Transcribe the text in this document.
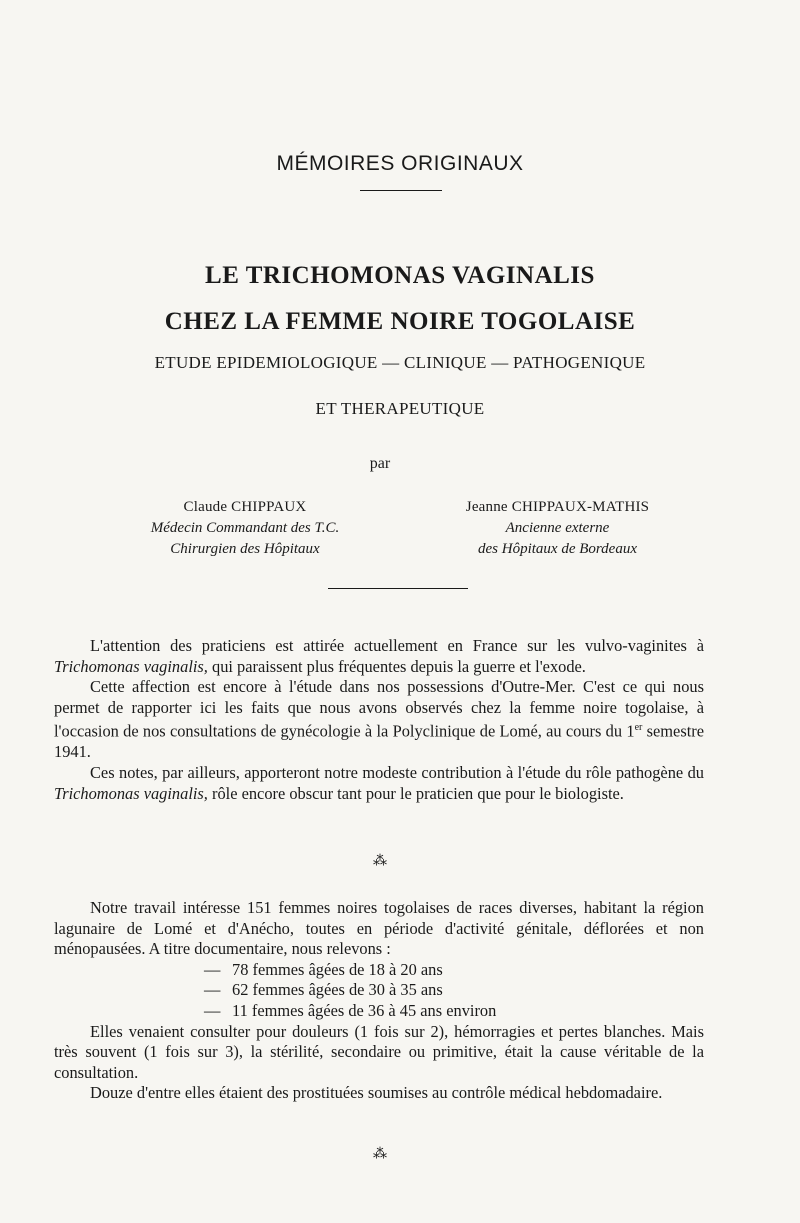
MÉMOIRES ORIGINAUX
LE TRICHOMONAS VAGINALIS
CHEZ LA FEMME NOIRE TOGOLAISE
ETUDE EPIDEMIOLOGIQUE — CLINIQUE — PATHOGENIQUE
ET THERAPEUTIQUE
par
Claude CHIPPAUX
Médecin Commandant des T.C.
Chirurgien des Hôpitaux
Jeanne CHIPPAUX-MATHIS
Ancienne externe
des Hôpitaux de Bordeaux

L'attention des praticiens est attirée actuellement en France sur les vulvo-vaginites à Trichomonas vaginalis, qui paraissent plus fréquentes depuis la guerre et l'exode.

Cette affection est encore à l'étude dans nos possessions d'Outre-Mer. C'est ce qui nous permet de rapporter ici les faits que nous avons observés chez la femme noire togolaise, à l'occasion de nos consultations de gynécologie à la Polyclinique de Lomé, au cours du 1er semestre 1941.

Ces notes, par ailleurs, apporteront notre modeste contribution à l'étude du rôle pathogène du Trichomonas vaginalis, rôle encore obscur tant pour le praticien que pour le biologiste.

⁂

Notre travail intéresse 151 femmes noires togolaises de races diverses, habitant la région lagunaire de Lomé et d'Anécho, toutes en période d'activité génitale, déflorées et non ménopausées. A titre documentaire, nous relevons :

— 78 femmes âgées de 18 à 20 ans
— 62 femmes âgées de 30 à 35 ans
— 11 femmes âgées de 36 à 45 ans environ

Elles venaient consulter pour douleurs (1 fois sur 2), hémorragies et pertes blanches. Mais très souvent (1 fois sur 3), la stérilité, secondaire ou primitive, était la cause véritable de la consultation.

Douze d'entre elles étaient des prostituées soumises au contrôle médical hebdomadaire.

⁂
